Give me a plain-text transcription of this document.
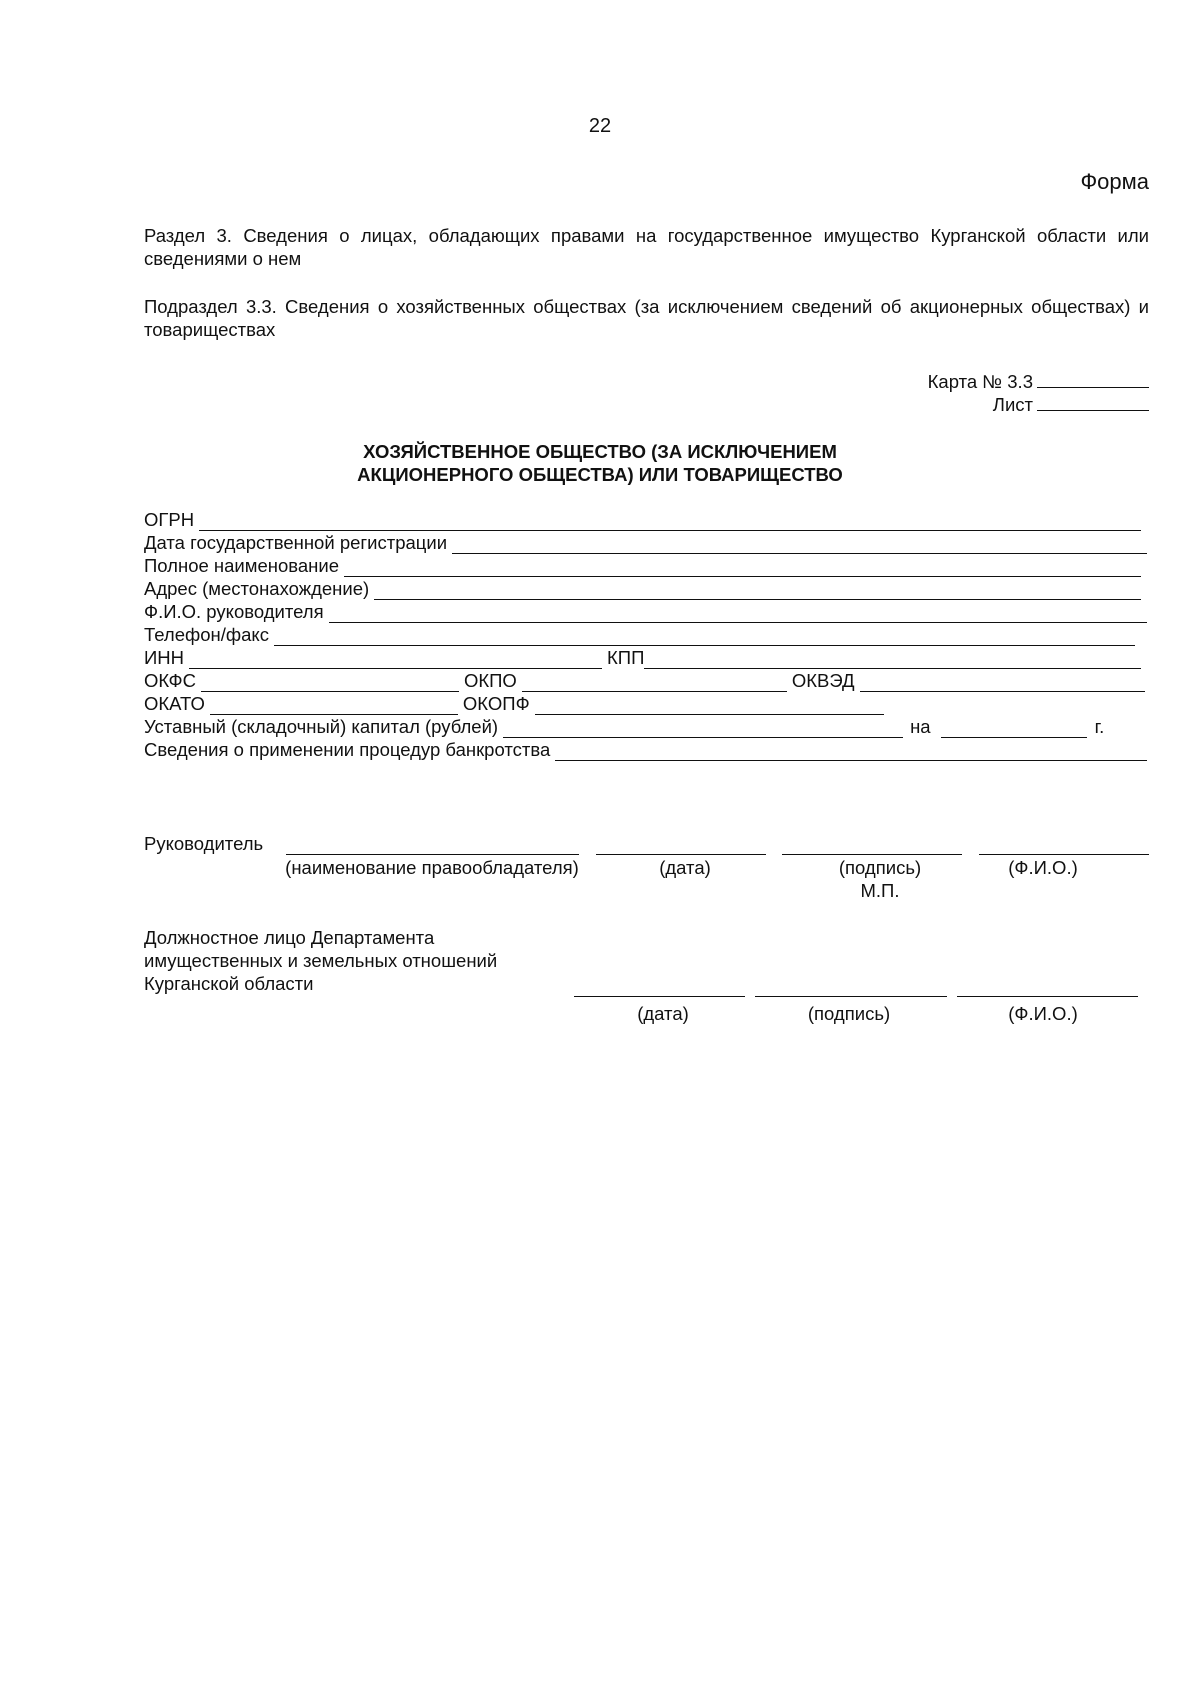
22
Форма
Раздел 3. Сведения о лицах, обладающих правами на государственное имущество Курганской области или сведениями о нем
Подраздел 3.3. Сведения о хозяйственных обществах (за исключением сведений об акционерных обществах) и товариществах
Карта № 3.3
Лист
ХОЗЯЙСТВЕННОЕ ОБЩЕСТВО (ЗА ИСКЛЮЧЕНИЕМ
АКЦИОНЕРНОГО ОБЩЕСТВА) ИЛИ ТОВАРИЩЕСТВО
ОГРН
Дата государственной регистрации
Полное наименование
Адрес (местонахождение)
Ф.И.О. руководителя
Телефон/факс
ИНН	КПП
ОКФС	ОКПО	ОКВЭД
ОКАТО	ОКОПФ
Уставный (складочный) капитал (рублей)	на	г.
Сведения о применении процедур банкротства
Руководитель
(наименование правообладателя)	(дата)	(подпись)	(Ф.И.О.)
М.П.
Должностное лицо Департамента
имущественных и земельных отношений
Курганской области
(дата)	(подпись)	(Ф.И.О.)
